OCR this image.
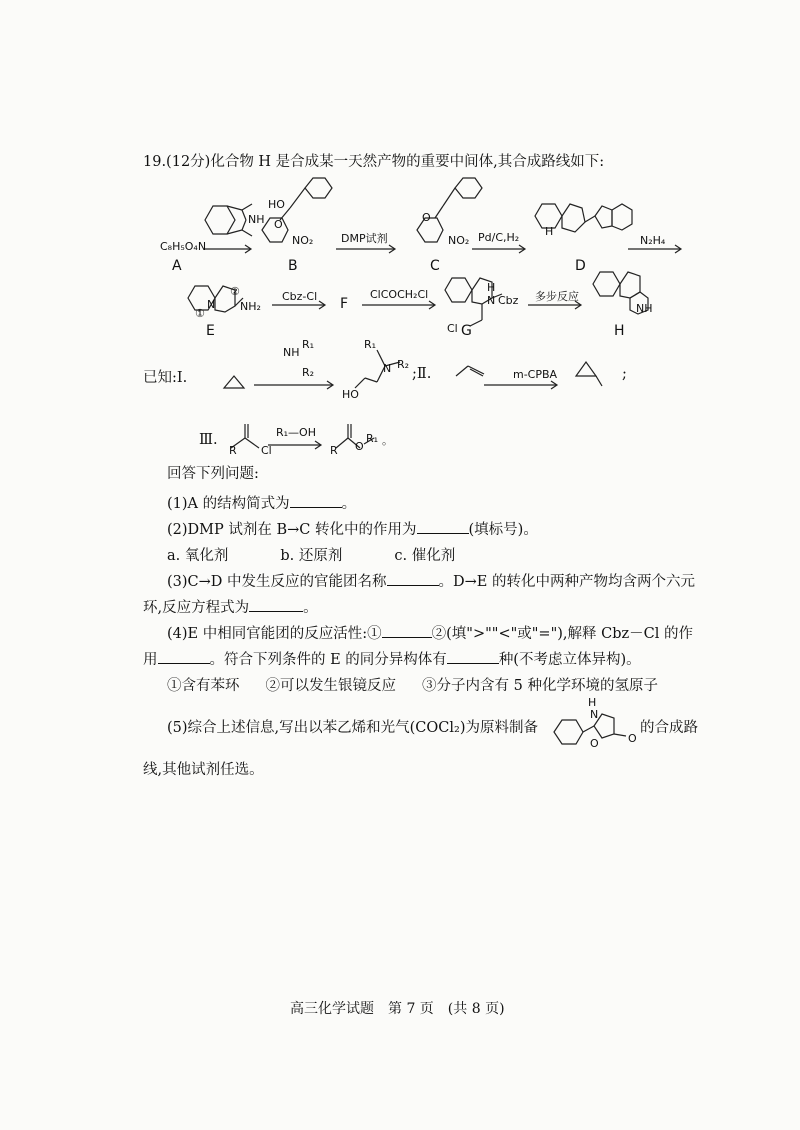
19.(12分)化合物 H 是合成某一天然产物的重要中间体,其合成路线如下:
C₈H₅O₄N
NH
HO
NO₂
O
DMP试剂
O
NO₂ Pd/C,H₂ H
N₂H₄
A	B	C	D
①
N
②
NH₂
E
Cbz-Cl F
ClCOCH₂Cl
H
N Cbz
Cl G
多步反应
NH
H
已知:Ⅰ.
NH
R₁
R₂
HO
R₁
N R₂
;Ⅱ.	m-CPBA	;
Ⅲ.
R Cl
R₁—OH
R O
R₁ 。
回答下列问题:
(1)A 的结构简式为	。
(2)DMP 试剂在 B→C 转化中的作用为	(填标号)。
a. 氧化剂	b. 还原剂	c. 催化剂
(3)C→D 中发生反应的官能团名称	。D→E 的转化中两种产物均含两个六元
环,反应方程式为	。
(4)E 中相同官能团的反应活性:①	②(填">""<"或"="),解释 Cbz－Cl 的作
用	。符合下列条件的 E 的同分异构体有	种(不考虑立体异构)。
①含有苯环 ②可以发生银镜反应 ③分子内含有 5 种化学环境的氢原子
(5)综合上述信息,写出以苯乙烯和光气(COCl₂)为原料制备
H
N
O	O
的合成路
线,其他试剂任选。
高三化学试题　第 7 页　(共 8 页)
